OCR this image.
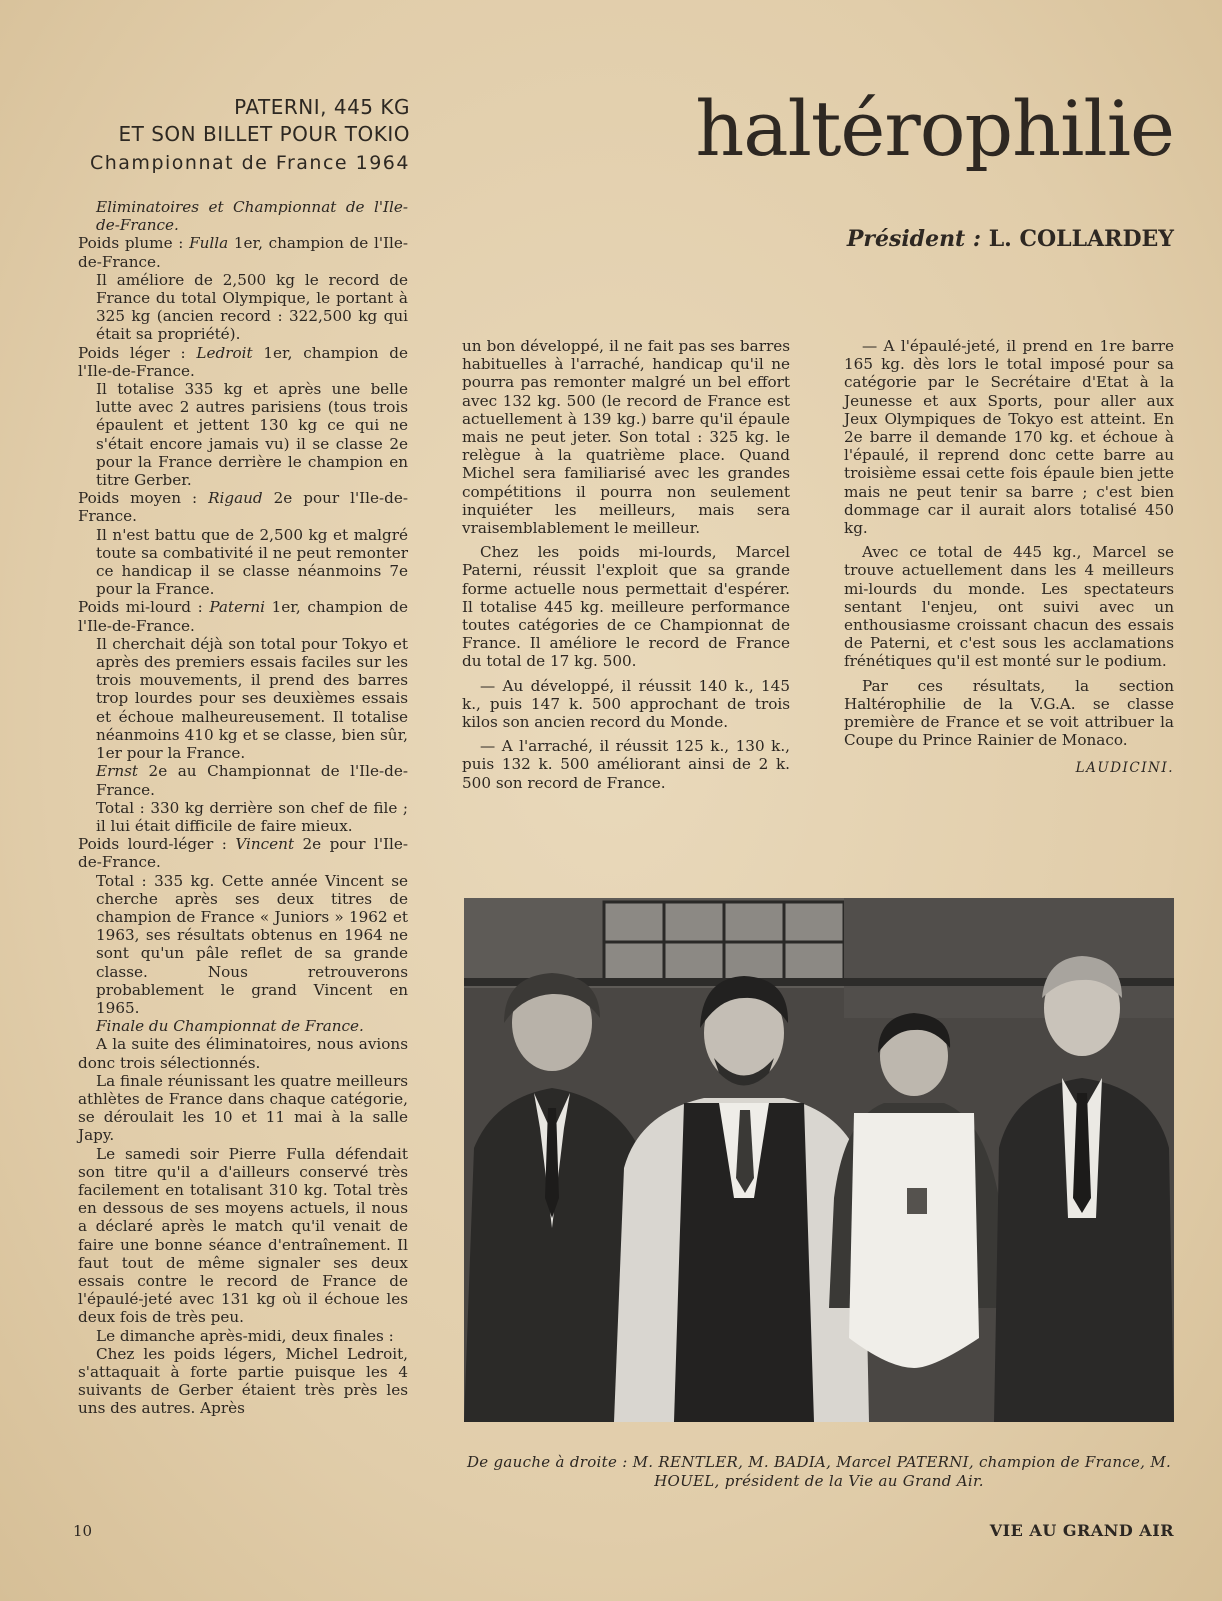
PATERNI, 445 KG
ET SON BILLET POUR TOKIO
Championnat de France 1964	haltérophilie
Président : L. COLLARDEY

Eliminatoires et Championnat de l'Ile-de-France.

Poids plume : Fulla 1er, champion de l'Ile-de-France.

Il améliore de 2,500 kg le record de France du total Olympique, le portant à 325 kg (ancien record : 322,500 kg qui était sa propriété).

Poids léger : Ledroit 1er, champion de l'Ile-de-France.

Il totalise 335 kg et après une belle lutte avec 2 autres parisiens (tous trois épaulent et jettent 130 kg ce qui ne s'était encore jamais vu) il se classe 2e pour la France derrière le champion en titre Gerber.

Poids moyen : Rigaud 2e pour l'Ile-de-France.

Il n'est battu que de 2,500 kg et malgré toute sa combativité il ne peut remonter ce handicap il se classe néanmoins 7e pour la France.

Poids mi-lourd : Paterni 1er, champion de l'Ile-de-France.

Il cherchait déjà son total pour Tokyo et après des premiers essais faciles sur les trois mouvements, il prend des barres trop lourdes pour ses deuxièmes essais et échoue malheureusement. Il totalise néanmoins 410 kg et se classe, bien sûr, 1er pour la France.

Ernst 2e au Championnat de l'Ile-de-France.

Total : 330 kg derrière son chef de file ; il lui était difficile de faire mieux.

Poids lourd-léger : Vincent 2e pour l'Ile-de-France.

Total : 335 kg. Cette année Vincent se cherche après ses deux titres de champion de France « Juniors » 1962 et 1963, ses résultats obtenus en 1964 ne sont qu'un pâle reflet de sa grande classe. Nous retrouverons probablement le grand Vincent en 1965.

Finale du Championnat de France.

A la suite des éliminatoires, nous avions donc trois sélectionnés.

La finale réunissant les quatre meilleurs athlètes de France dans chaque catégorie, se déroulait les 10 et 11 mai à la salle Japy.

Le samedi soir Pierre Fulla défendait son titre qu'il a d'ailleurs conservé très facilement en totalisant 310 kg. Total très en dessous de ses moyens actuels, il nous a déclaré après le match qu'il venait de faire une bonne séance d'entraînement. Il faut tout de même signaler ses deux essais contre le record de France de l'épaulé-jeté avec 131 kg où il échoue les deux fois de très peu.

Le dimanche après-midi, deux finales :

Chez les poids légers, Michel Ledroit, s'attaquait à forte partie puisque les 4 suivants de Gerber étaient très près les uns des autres. Après

un bon développé, il ne fait pas ses barres habituelles à l'arraché, handicap qu'il ne pourra pas remonter malgré un bel effort avec 132 kg. 500 (le record de France est actuellement à 139 kg.) barre qu'il épaule mais ne peut jeter. Son total : 325 kg. le relègue à la quatrième place. Quand Michel sera familiarisé avec les grandes compétitions il pourra non seulement inquiéter les meilleurs, mais sera vraisemblablement le meilleur.

Chez les poids mi-lourds, Marcel Paterni, réussit l'exploit que sa grande forme actuelle nous permettait d'espérer. Il totalise 445 kg. meilleure performance toutes catégories de ce Championnat de France. Il améliore le record de France du total de 17 kg. 500.

— Au développé, il réussit 140 k., 145 k., puis 147 k. 500 approchant de trois kilos son ancien record du Monde.

— A l'arraché, il réussit 125 k., 130 k., puis 132 k. 500 améliorant ainsi de 2 k. 500 son record de France.

— A l'épaulé-jeté, il prend en 1re barre 165 kg. dès lors le total imposé pour sa catégorie par le Secrétaire d'Etat à la Jeunesse et aux Sports, pour aller aux Jeux Olympiques de Tokyo est atteint. En 2e barre il demande 170 kg. et échoue à l'épaulé, il reprend donc cette barre au troisième essai cette fois épaule bien jette mais ne peut tenir sa barre ; c'est bien dommage car il aurait alors totalisé 450 kg.

Avec ce total de 445 kg., Marcel se trouve actuellement dans les 4 meilleurs mi-lourds du monde. Les spectateurs sentant l'enjeu, ont suivi avec un enthousiasme croissant chacun des essais de Paterni, et c'est sous les acclamations frénétiques qu'il est monté sur le podium.

Par ces résultats, la section Haltérophilie de la V.G.A. se classe première de France et se voit attribuer la Coupe du Prince Rainier de Monaco.

LAUDICINI.

De gauche à droite : M. RENTLER, M. BADIA, Marcel PATERNI, champion de France, M. HOUEL, président de la Vie au Grand Air.
10	VIE AU GRAND AIR
